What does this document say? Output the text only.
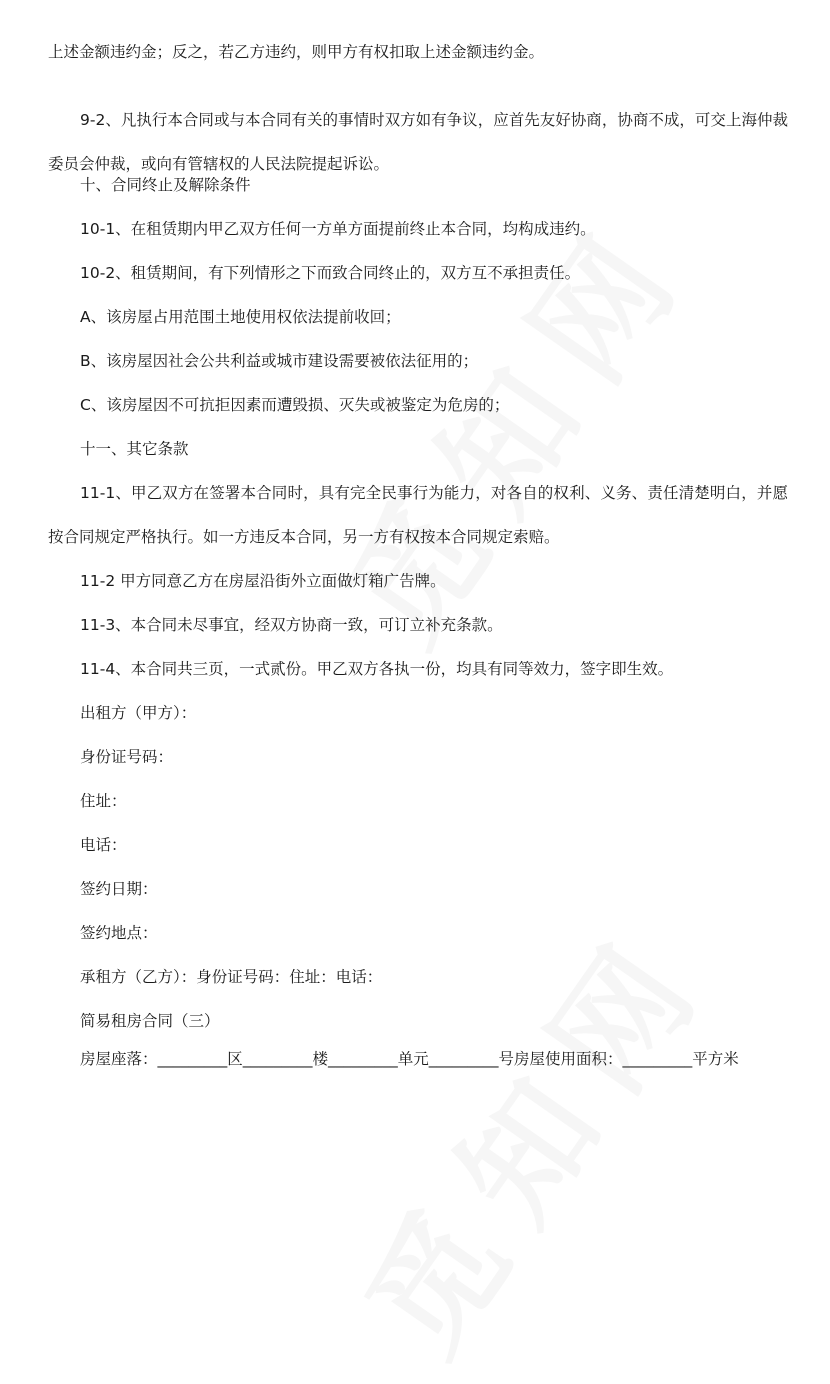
上述金额违约金；反之，若乙方违约，则甲方有权扣取上述金额违约金。

9-2、凡执行本合同或与本合同有关的事情时双方如有争议，应首先友好协商，协商不成，可交上海仲裁委员会仲裁，或向有管辖权的人民法院提起诉讼。

十、合同终止及解除条件

10-1、在租赁期内甲乙双方任何一方单方面提前终止本合同，均构成违约。

10-2、租赁期间，有下列情形之下而致合同终止的，双方互不承担责任。

A、该房屋占用范围土地使用权依法提前收回；

B、该房屋因社会公共利益或城市建设需要被依法征用的；

C、该房屋因不可抗拒因素而遭毁损、灭失或被鉴定为危房的；

十一、其它条款

11-1、甲乙双方在签署本合同时，具有完全民事行为能力，对各自的权利、义务、责任清楚明白，并愿按合同规定严格执行。如一方违反本合同，另一方有权按本合同规定索赔。

11-2 甲方同意乙方在房屋沿街外立面做灯箱广告牌。

11-3、本合同未尽事宜，经双方协商一致，可订立补充条款。

11-4、本合同共三页，一式贰份。甲乙双方各执一份，均具有同等效力，签字即生效。

出租方（甲方）：

身份证号码：

住址：

电话：

签约日期：

签约地点：

承租方（乙方）：身份证号码：住址：电话：

简易租房合同（三）

房屋座落：_________区_________楼_________单元_________号房屋使用面积：_________平方米
